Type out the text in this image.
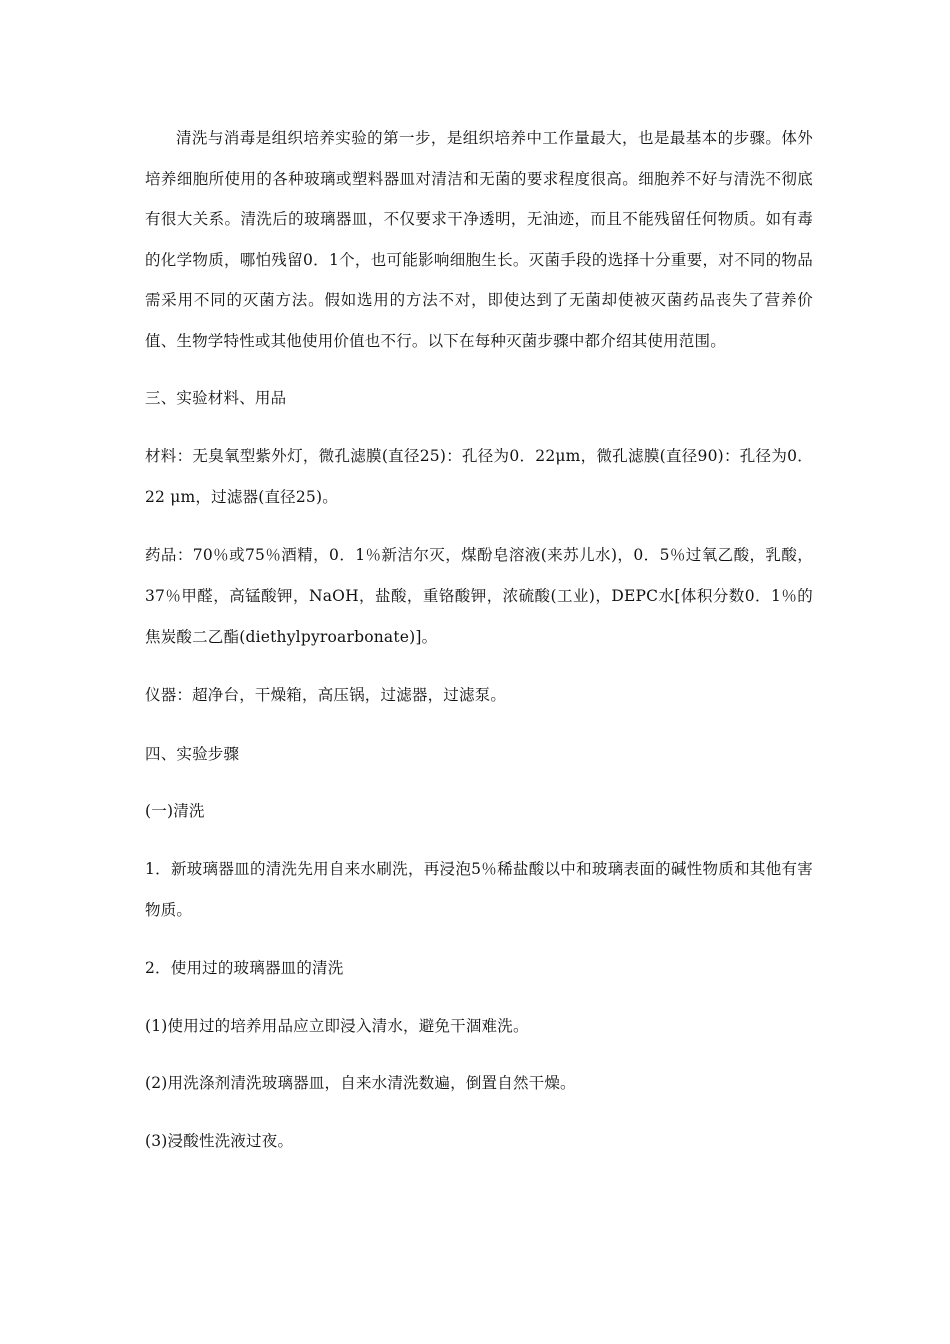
清洗与消毒是组织培养实验的第一步，是组织培养中工作量最大，也是最基本的步骤。体外培养细胞所使用的各种玻璃或塑料器皿对清洁和无菌的要求程度很高。细胞养不好与清洗不彻底有很大关系。清洗后的玻璃器皿，不仅要求干净透明，无油迹，而且不能残留任何物质。如有毒的化学物质，哪怕残留0．1个，也可能影响细胞生长。灭菌手段的选择十分重要，对不同的物品需采用不同的灭菌方法。假如选用的方法不对，即使达到了无菌却使被灭菌药品丧失了营养价值、生物学特性或其他使用价值也不行。以下在每种灭菌步骤中都介绍其使用范围。

三、实验材料、用品

材料：无臭氧型紫外灯，微孔滤膜(直径25)：孔径为0．22μm，微孔滤膜(直径90)：孔径为0．22 μm，过滤器(直径25)。

药品：70％或75％酒精，0．1％新洁尔灭，煤酚皂溶液(来苏儿水)，0．5％过氧乙酸，乳酸，37％甲醛，高锰酸钾，NaOH，盐酸，重铬酸钾，浓硫酸(工业)，DEPC水[体积分数0．1％的焦炭酸二乙酯(diethylpyroarbonate)]。

仪器：超净台，干燥箱，高压锅，过滤器，过滤泵。

四、实验步骤

(一)清洗

1．新玻璃器皿的清洗先用自来水刷洗，再浸泡5％稀盐酸以中和玻璃表面的碱性物质和其他有害物质。

2．使用过的玻璃器皿的清洗

(1)使用过的培养用品应立即浸入清水，避免干涸难洗。

(2)用洗涤剂清洗玻璃器皿，自来水清洗数遍，倒置自然干燥。

(3)浸酸性洗液过夜。
